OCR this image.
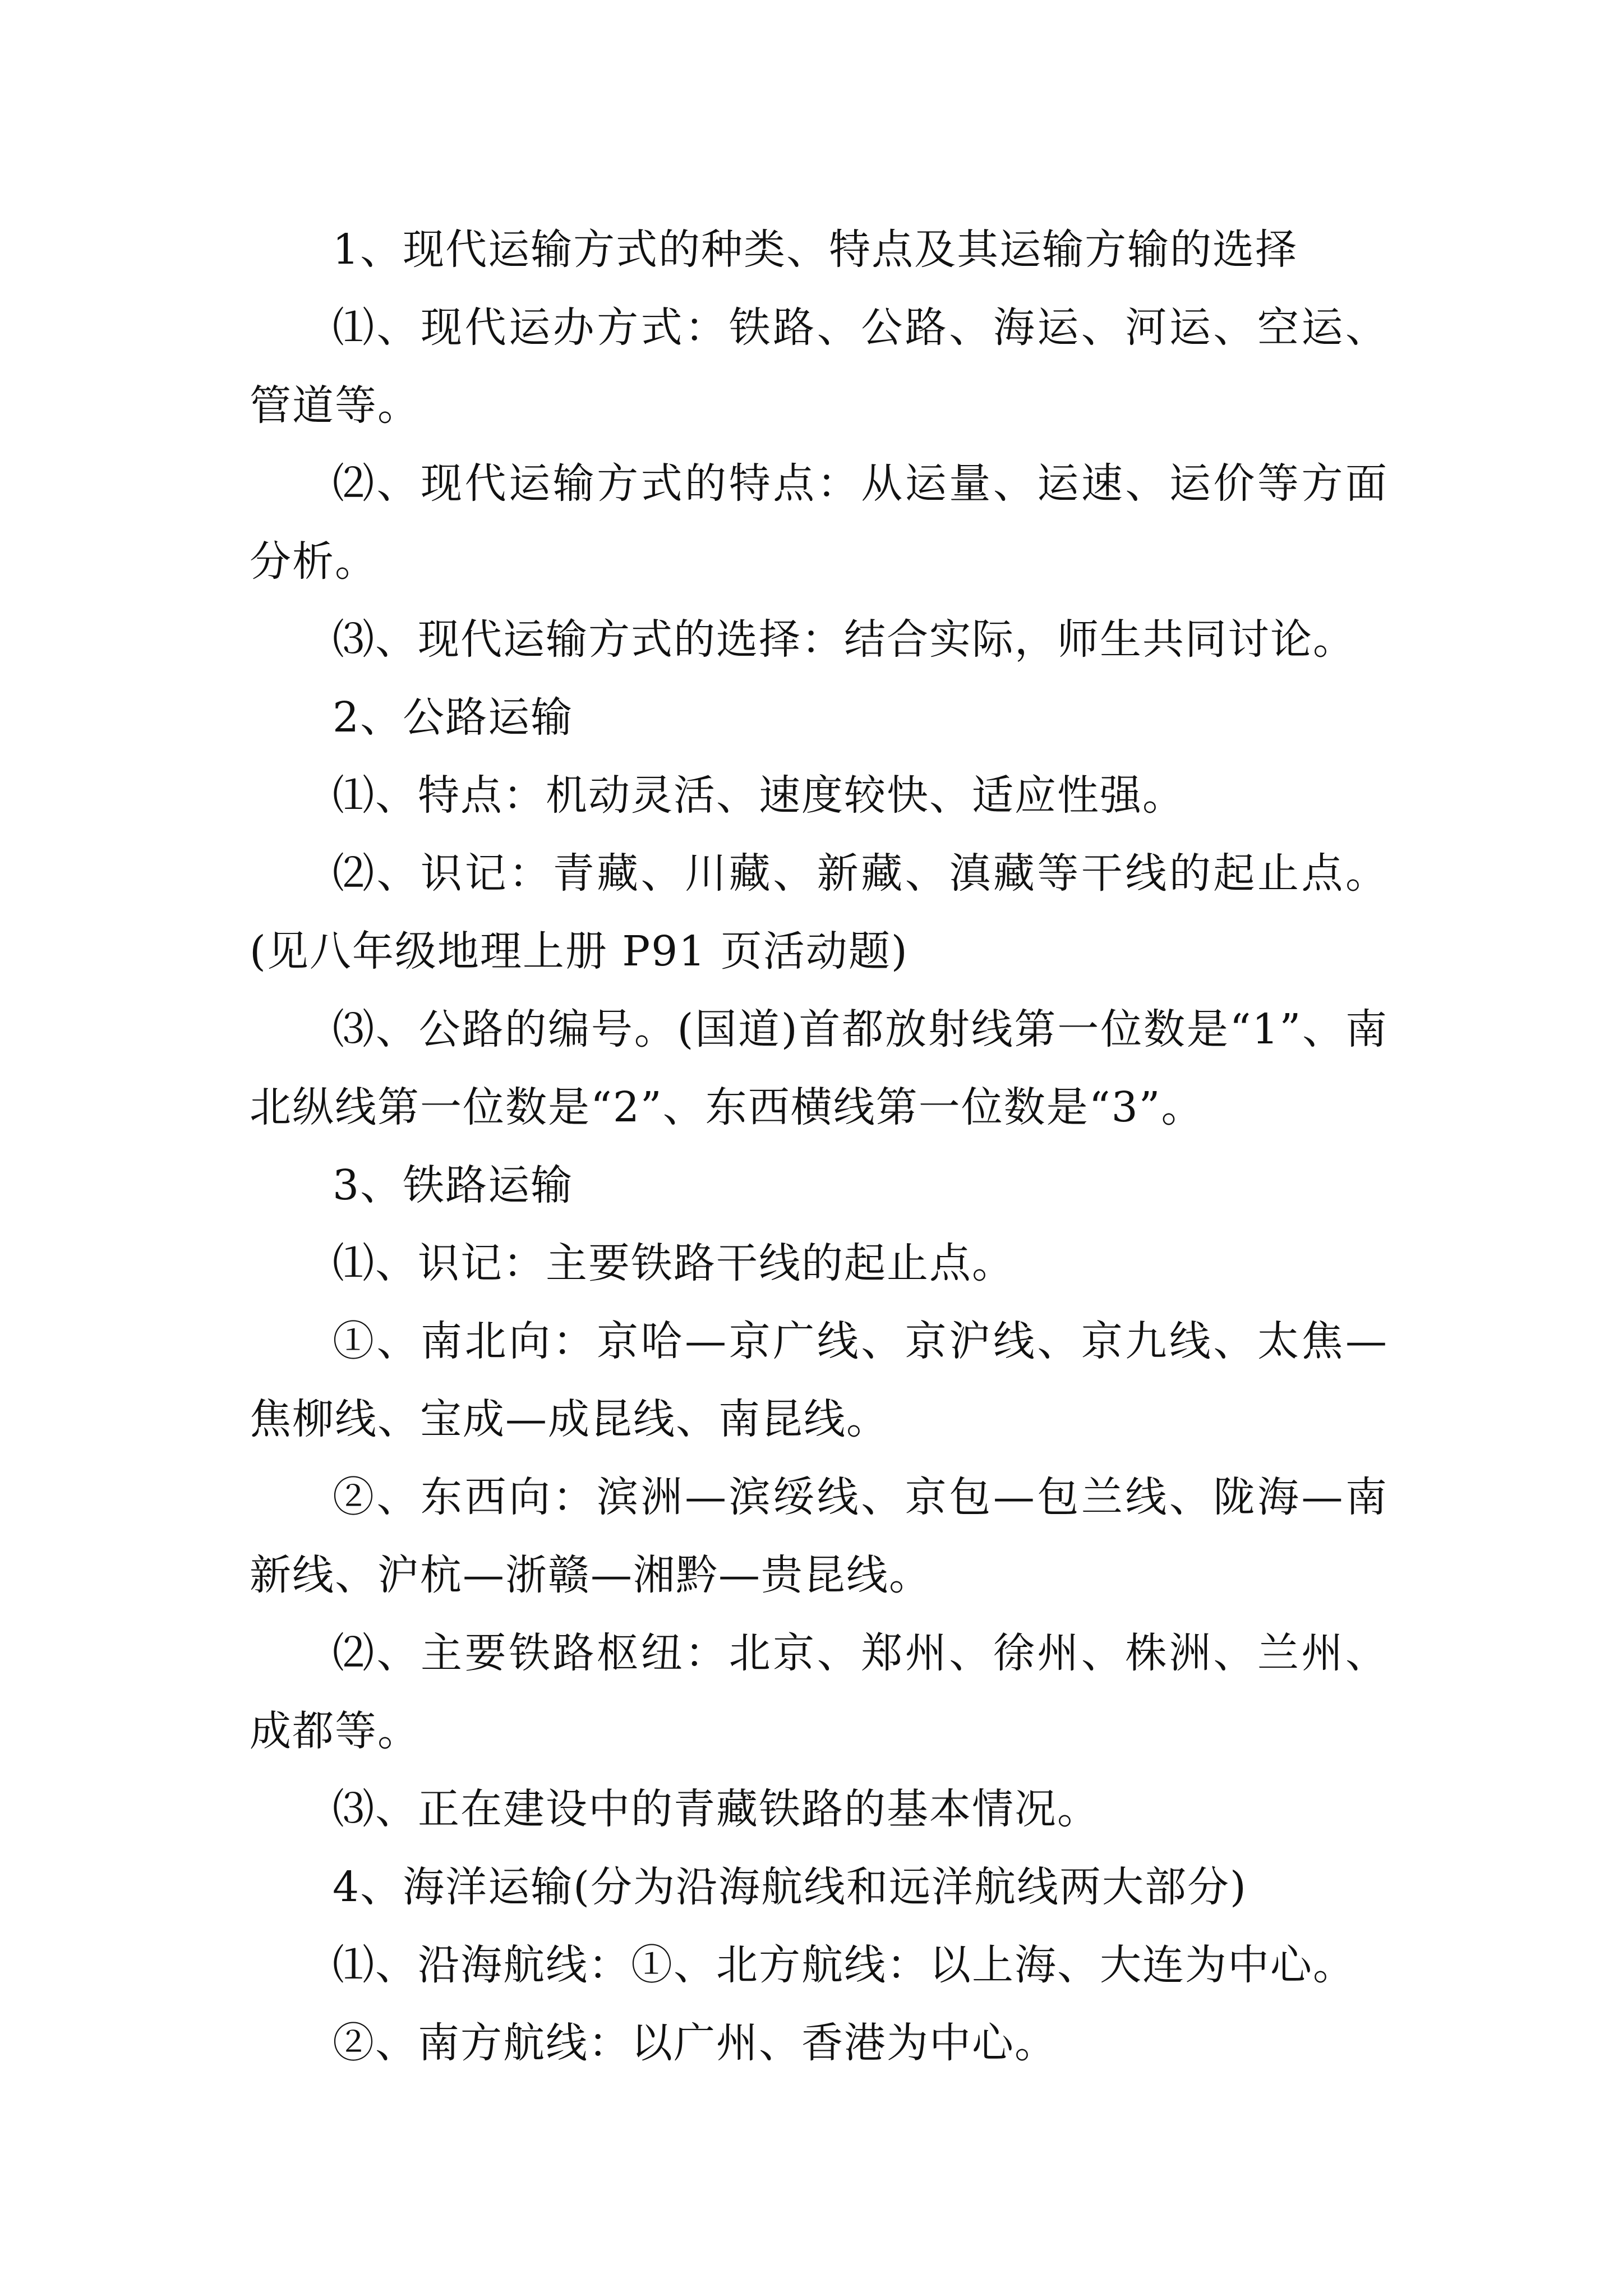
1、现代运输方式的种类、特点及其运输方输的选择

⑴、现代运办方式：铁路、公路、海运、河运、空运、管道等。

⑵、现代运输方式的特点：从运量、运速、运价等方面分析。

⑶、现代运输方式的选择：结合实际，师生共同讨论。

2、公路运输

⑴、特点：机动灵活、速度较快、适应性强。

⑵、识记：青藏、川藏、新藏、滇藏等干线的起止点。(见八年级地理上册 P91 页活动题)

⑶、公路的编号。(国道)首都放射线第一位数是“1”、南北纵线第一位数是“2”、东西横线第一位数是“3”。

3、铁路运输

⑴、识记：主要铁路干线的起止点。

①、南北向：京哈—京广线、京沪线、京九线、太焦—焦柳线、宝成—成昆线、南昆线。

②、东西向：滨洲—滨绥线、京包—包兰线、陇海—南新线、沪杭—浙赣—湘黔—贵昆线。

⑵、主要铁路枢纽：北京、郑州、徐州、株洲、兰州、成都等。

⑶、正在建设中的青藏铁路的基本情况。

4、海洋运输(分为沿海航线和远洋航线两大部分)

⑴、沿海航线：①、北方航线：以上海、大连为中心。

②、南方航线：以广州、香港为中心。
